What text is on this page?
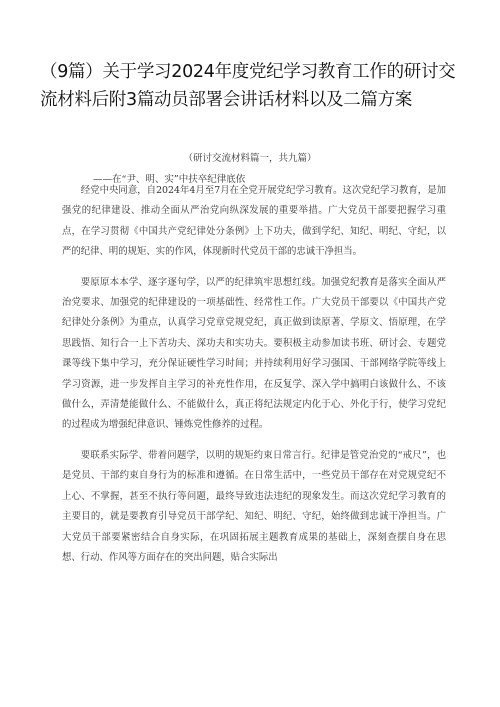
（9篇）关于学习2024年度党纪学习教育工作的研讨交流材料后附3篇动员部署会讲话材料以及二篇方案

（研讨交流材料篇一，共九篇）

——在“尹、明、实”中扶卒纪律底依

经党中央同意，自2024年4月至7月在全党开展党纪学习教育。这次党纪学习教育，是加强党的纪律建设、推动全面从严治党向纵深发展的重要举措。广大党员干部要把握学习重点，在学习贯彻《中国共产党纪律处分条例》上下功夫，做到学纪、知纪、明纪、守纪，以严的纪律、明的规矩、实的作风，体现新时代党员干部的忠诚干净担当。

要原原本本学、逐字逐句学，以严的纪律筑牢思想红线。加强党纪教育是落实全面从严治党要求、加强党的纪律建设的一项基础性、经常性工作。广大党员干部要以《中国共产党纪律处分条例》为重点，认真学习党章党规党纪，真正做到读原著、学原文、悟原理，在学思践悟、知行合一上下苦功夫、深功夫和实功夫。要积极主动参加读书班、研讨会、专题党课等线下集中学习，充分保证硬性学习时间；并持续利用好学习强国、干部网络学院等线上学习资源，进一步发挥自主学习的补充性作用，在反复学、深入学中搞明白该做什么、不该做什么，弄清楚能做什么、不能做什么，真正将纪法规定内化于心、外化于行，使学习党纪的过程成为增强纪律意识、锤炼党性修养的过程。

要联系实际学、带着问题学，以明的规矩约束日常言行。纪律是管党治党的“戒尺”，也是党员、干部约束自身行为的标准和遵循。在日常生活中，一些党员干部存在对党规党纪不上心、不掌握，甚至不执行等问题，最终导致违法违纪的现象发生。而这次党纪学习教育的主要目的，就是要教育引导党员干部学纪、知纪、明纪、守纪，始终做到忠诚干净担当。广大党员干部要紧密结合自身实际，在巩固拓展主题教育成果的基础上，深刻查摆自身在思想、行动、作风等方面存在的突出问题，贴合实际出
